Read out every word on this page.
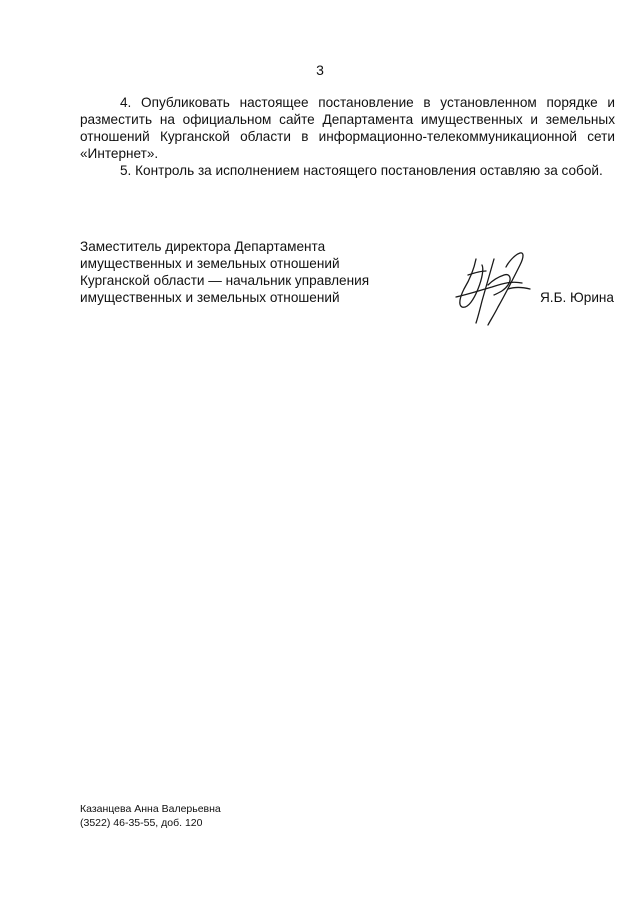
3

4. Опубликовать настоящее постановление в установленном порядке и разместить на официальном сайте Департамента имущественных и земельных отношений Курганской области в информационно-телекоммуникационной сети «Интернет».

5. Контроль за исполнением настоящего постановления оставляю за собой.

Заместитель директора Департамента
имущественных и земельных отношений
Курганской области — начальник управления
имущественных и земельных отношений	Я.Б. Юрина
Казанцева Анна Валерьевна
(3522) 46-35-55, доб. 120
